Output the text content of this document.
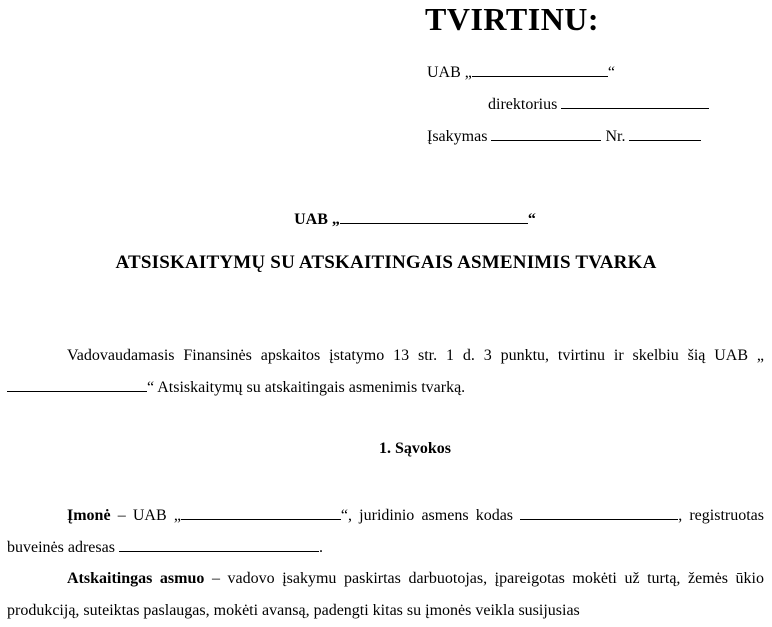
TVIRTINU:
UAB „	“
direktorius
Įsakymas	Nr.
UAB „	“
ATSISKAITYMŲ SU ATSKAITINGAIS ASMENIMIS TVARKA
Vadovaudamasis Finansinės apskaitos įstatymo 13 str. 1 d. 3 punktu, tvirtinu ir skelbiu šią UAB „“ Atsiskaitymų su atskaitingais asmenimis tvarką.
1. Sąvokos
Įmonė – UAB „	“, juridinio asmens kodas	, registruotas buveinės adresas	.
Atskaitingas asmuo – vadovo įsakymu paskirtas darbuotojas, įpareigotas mokėti už turtą, žemės ūkio produkciją, suteiktas paslaugas, mokėti avansą, padengti kitas su įmonės veikla susijusias
